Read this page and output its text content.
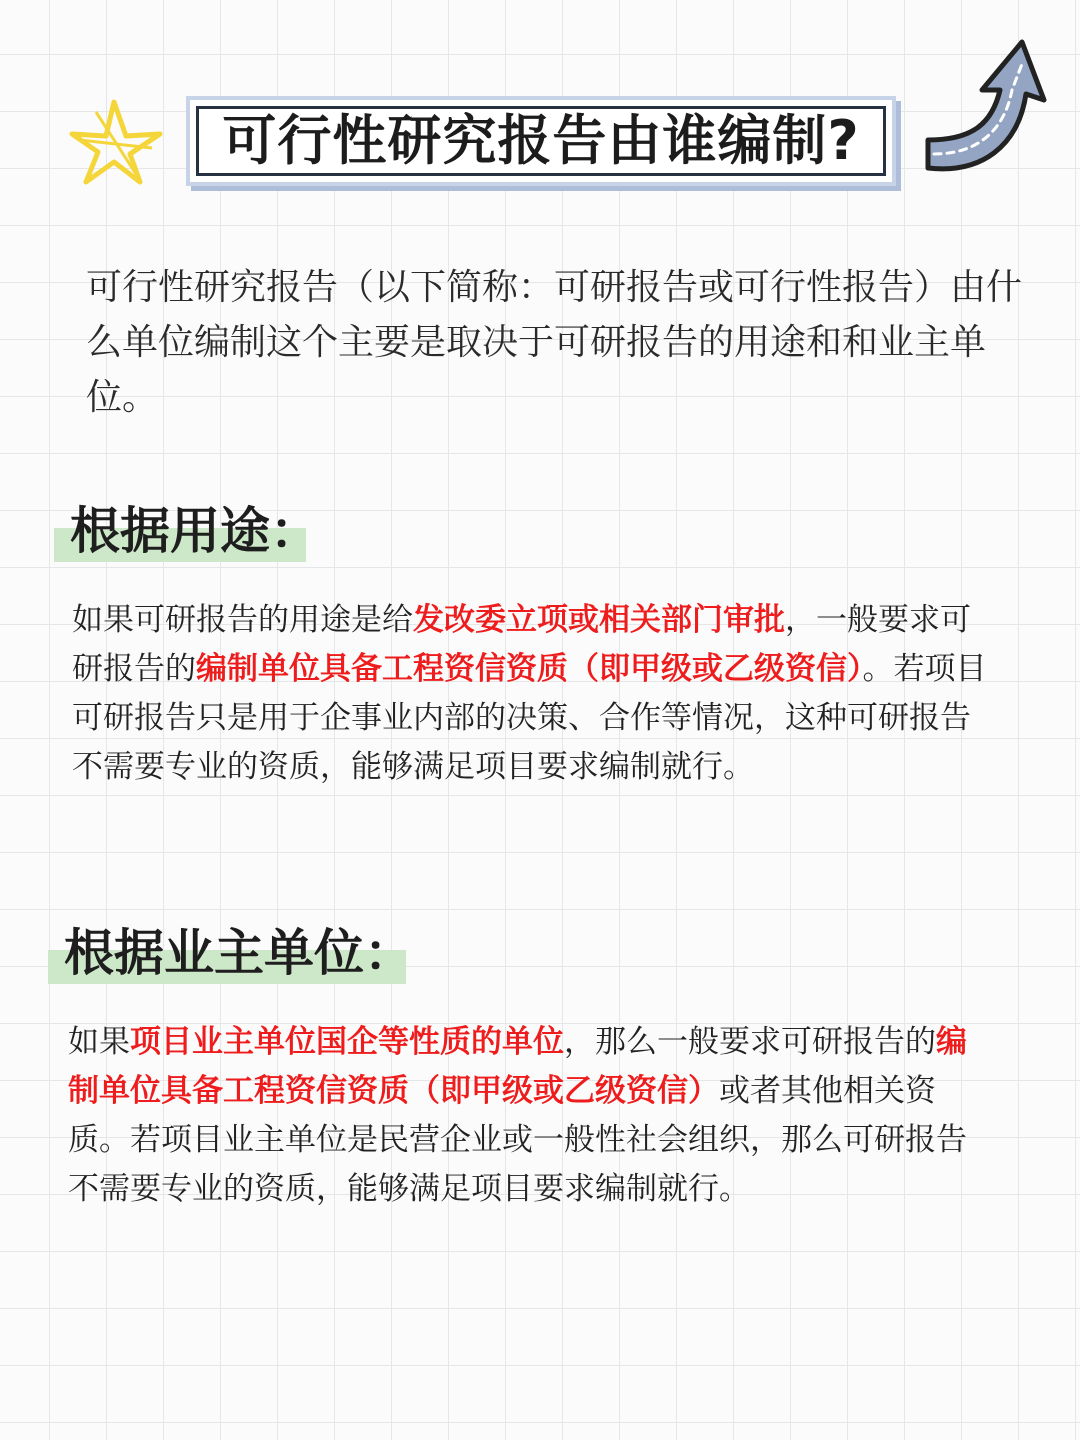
可行性研究报告由谁编制?
可行性研究报告（以下简称：可研报告或可行性报告）由什么单位编制这个主要是取决于可研报告的用途和和业主单位。
根据用途：
如果可研报告的用途是给发改委立项或相关部门审批，一般要求可研报告的编制单位具备工程资信资质（即甲级或乙级资信）。若项目可研报告只是用于企事业内部的决策、合作等情况，这种可研报告不需要专业的资质，能够满足项目要求编制就行。
根据业主单位：
如果项目业主单位国企等性质的单位，那么一般要求可研报告的编制单位具备工程资信资质（即甲级或乙级资信）或者其他相关资质。若项目业主单位是民营企业或一般性社会组织，那么可研报告不需要专业的资质，能够满足项目要求编制就行。
